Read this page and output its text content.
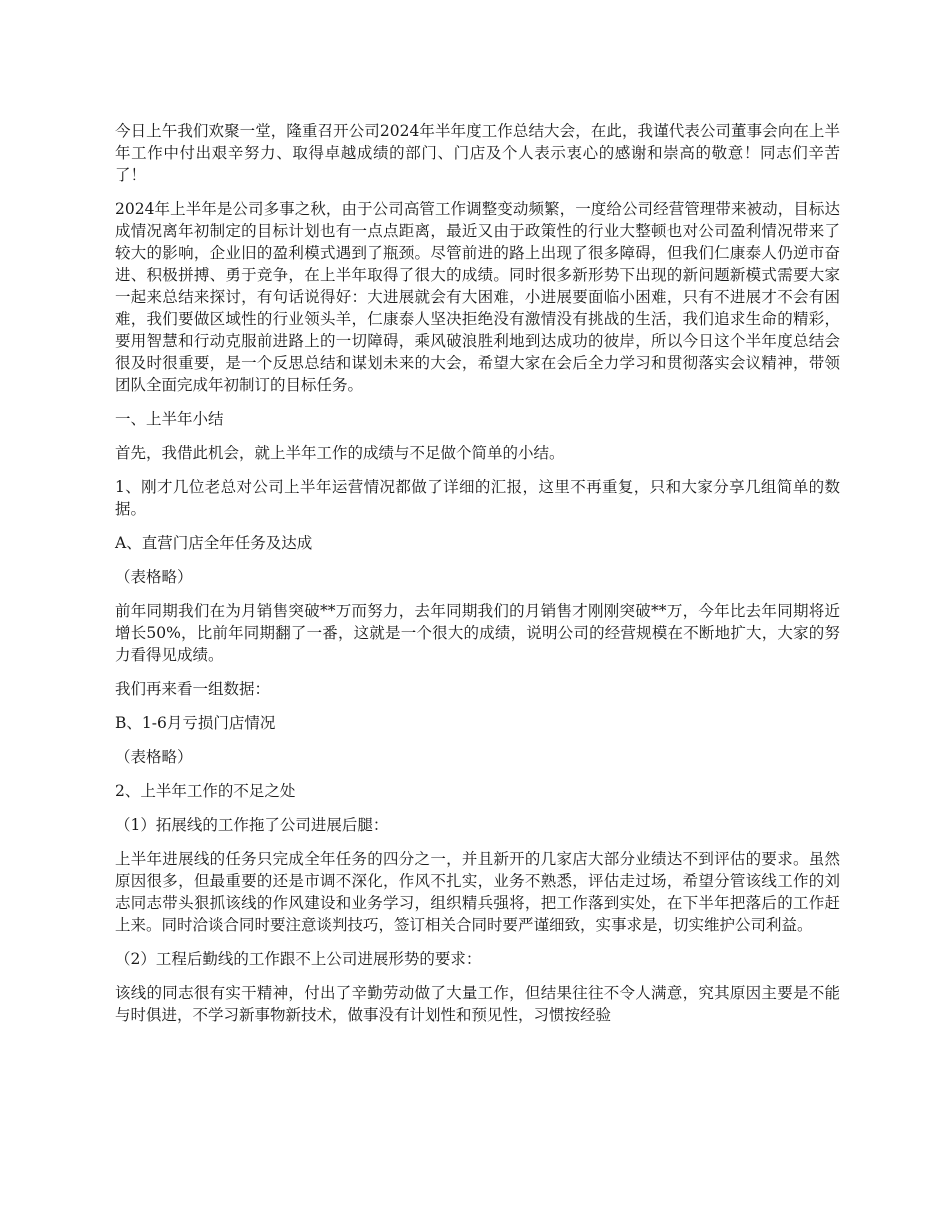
今日上午我们欢聚一堂，隆重召开公司2024年半年度工作总结大会，在此，我谨代表公司董事会向在上半年工作中付出艰辛努力、取得卓越成绩的部门、门店及个人表示衷心的感谢和崇高的敬意！同志们辛苦了！

2024年上半年是公司多事之秋，由于公司高管工作调整变动频繁，一度给公司经营管理带来被动，目标达成情况离年初制定的目标计划也有一点点距离，最近又由于政策性的行业大整顿也对公司盈利情况带来了较大的影响，企业旧的盈利模式遇到了瓶颈。尽管前进的路上出现了很多障碍，但我们仁康泰人仍逆市奋进、积极拼搏、勇于竞争，在上半年取得了很大的成绩。同时很多新形势下出现的新问题新模式需要大家一起来总结来探讨，有句话说得好：大进展就会有大困难，小进展要面临小困难，只有不进展才不会有困难，我们要做区域性的行业领头羊，仁康泰人坚决拒绝没有激情没有挑战的生活，我们追求生命的精彩，要用智慧和行动克服前进路上的一切障碍，乘风破浪胜利地到达成功的彼岸，所以今日这个半年度总结会很及时很重要，是一个反思总结和谋划未来的大会，希望大家在会后全力学习和贯彻落实会议精神，带领团队全面完成年初制订的目标任务。

一、上半年小结

首先，我借此机会，就上半年工作的成绩与不足做个简单的小结。

1、刚才几位老总对公司上半年运营情况都做了详细的汇报，这里不再重复，只和大家分享几组简单的数据。

A、直营门店全年任务及达成

（表格略）

前年同期我们在为月销售突破**万而努力，去年同期我们的月销售才刚刚突破**万，今年比去年同期将近增长50%，比前年同期翻了一番，这就是一个很大的成绩，说明公司的经营规模在不断地扩大，大家的努力看得见成绩。

我们再来看一组数据：

B、1-6月亏损门店情况

（表格略）

2、上半年工作的不足之处

（1）拓展线的工作拖了公司进展后腿：

上半年进展线的任务只完成全年任务的四分之一，并且新开的几家店大部分业绩达不到评估的要求。虽然原因很多，但最重要的还是市调不深化，作风不扎实，业务不熟悉，评估走过场，希望分管该线工作的刘志同志带头狠抓该线的作风建设和业务学习，组织精兵强将，把工作落到实处，在下半年把落后的工作赶上来。同时洽谈合同时要注意谈判技巧，签订相关合同时要严谨细致，实事求是，切实维护公司利益。

（2）工程后勤线的工作跟不上公司进展形势的要求：

该线的同志很有实干精神，付出了辛勤劳动做了大量工作，但结果往往不令人满意，究其原因主要是不能与时俱进，不学习新事物新技术，做事没有计划性和预见性，习惯按经验
